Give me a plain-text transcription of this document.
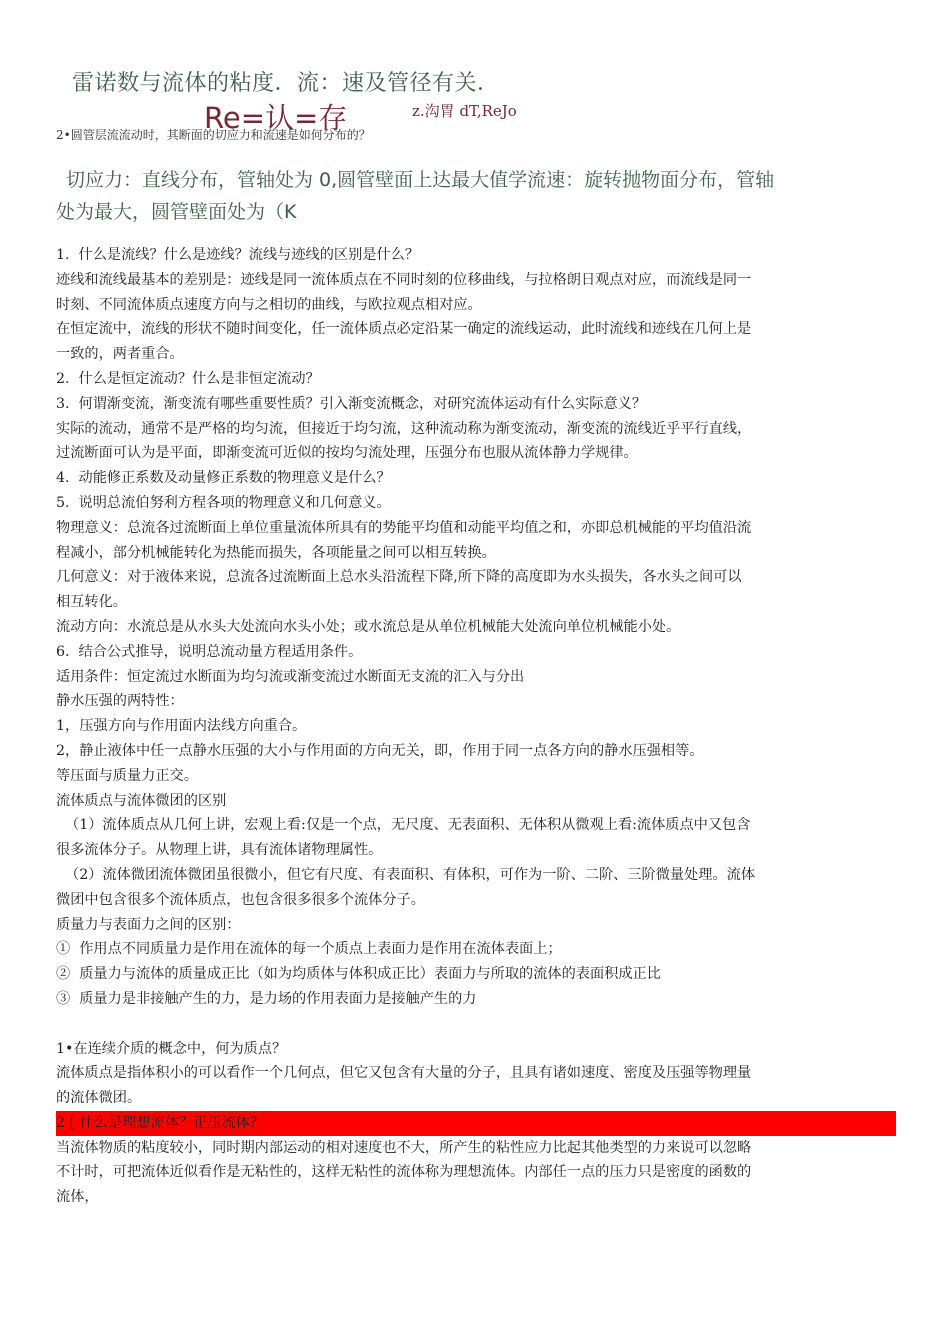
雷诺数与流体的粘度．流：速及管径有关．
Re=认=存	z.沟胃 dT,ReJo
2•圆管层流流动时，其断面的切应力和流速是如何分布的？
切应力：直线分布，管轴处为 0,圆管壁面上达最大值学流速：旋转抛物面分布，管轴
处为最大，圆管壁面处为（K
1.  什么是流线？什么是迹线？流线与迹线的区别是什么？
迹线和流线最基本的差别是：迹线是同一流体质点在不同时刻的位移曲线，与拉格朗日观点对应，而流线是同一
时刻、不同流体质点速度方向与之相切的曲线，与欧拉观点相对应。
在恒定流中，流线的形状不随时间变化，任一流体质点必定沿某一确定的流线运动，此时流线和迹线在几何上是
一致的，两者重合。
2.  什么是恒定流动？什么是非恒定流动？
3.  何谓渐变流，渐变流有哪些重要性质？引入渐变流概念，对研究流体运动有什么实际意义？
实际的流动，通常不是严格的均匀流，但接近于均匀流，这种流动称为渐变流动，渐变流的流线近乎平行直线，
过流断面可认为是平面，即渐变流可近似的按均匀流处理，压强分布也服从流体静力学规律。
4.  动能修正系数及动量修正系数的物理意义是什么？
5.  说明总流伯努利方程各项的物理意义和几何意义。
物理意义：总流各过流断面上单位重量流体所具有的势能平均值和动能平均值之和，亦即总机械能的平均值沿流
程减小，部分机械能转化为热能而损失，各项能量之间可以相互转换。
几何意义：对于液体来说，总流各过流断面上总水头沿流程下降,所下降的高度即为水头损失，各水头之间可以
相互转化。
流动方向：水流总是从水头大处流向水头小处；或水流总是从单位机械能大处流向单位机械能小处。
6.  结合公式推导，说明总流动量方程适用条件。
适用条件：恒定流过水断面为均匀流或渐变流过水断面无支流的汇入与分出
静水压强的两特性：
1，压强方向与作用面内法线方向重合。
2，静止液体中任一点静水压强的大小与作用面的方向无关，即，作用于同一点各方向的静水压强相等。
等压面与质量力正交。
流体质点与流体微团的区别
（1）流体质点从几何上讲，宏观上看:仅是一个点，无尺度、无表面积、无体积从微观上看:流体质点中又包含
很多流体分子。从物理上讲，具有流体诸物理属性。
（2）流体微团流体微团虽很微小，但它有尺度、有表面积、有体积，可作为一阶、二阶、三阶微量处理。流体
微团中包含很多个流体质点，也包含很多很多个流体分子。
质量力与表面力之间的区别：
①  作用点不同质量力是作用在流体的每一个质点上表面力是作用在流体表面上；
②  质量力与流体的质量成正比（如为均质体与体积成正比）表面力与所取的流体的表面积成正比
③  质量力是非接触产生的力，是力场的作用表面力是接触产生的力

1•在连续介质的概念中，何为质点？
流体质点是指体积小的可以看作一个几何点，但它又包含有大量的分子，且具有诸如速度、密度及压强等物理量
的流体微团。
2 [ 什么是理想流体？正压流体？
当流体物质的粘度较小，同时期内部运动的相对速度也不大，所产生的粘性应力比起其他类型的力来说可以忽略
不计时，可把流体近似看作是无粘性的，这样无粘性的流体称为理想流体。内部任一点的压力只是密度的函数的
流体，
